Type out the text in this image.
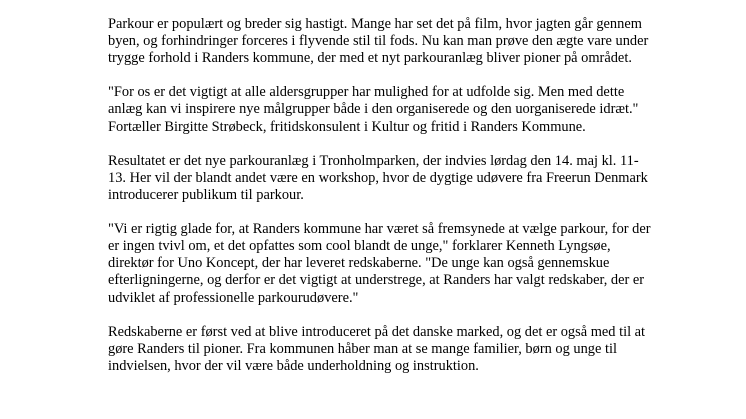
Parkour er populært og breder sig hastigt. Mange har set det på film, hvor jagten går gennem byen, og forhindringer forceres i flyvende stil til fods. Nu kan man prøve den ægte vare under trygge forhold i Randers kommune, der med et nyt parkouranlæg bliver pioner på området.

"For os er det vigtigt at alle aldersgrupper har mulighed for at udfolde sig. Men med dette anlæg kan vi inspirere nye målgrupper både i den organiserede og den uorganiserede idræt." Fortæller Birgitte Strøbeck, fritidskonsulent i Kultur og fritid i Randers Kommune.

Resultatet er det nye parkouranlæg i Tronholmparken, der indvies lørdag den 14. maj kl. 11-13. Her vil der blandt andet være en workshop, hvor de dygtige udøvere fra Freerun Denmark introducerer publikum til parkour.

"Vi er rigtig glade for, at Randers kommune har været så fremsynede at vælge parkour, for der er ingen tvivl om, et det opfattes som cool blandt de unge," forklarer Kenneth Lyngsøe, direktør for Uno Koncept, der har leveret redskaberne. "De unge kan også gennemskue efterligningerne, og derfor er det vigtigt at understrege, at Randers har valgt redskaber, der er udviklet af professionelle parkourudøvere."

Redskaberne er først ved at blive introduceret på det danske marked, og det er også med til at gøre Randers til pioner. Fra kommunen håber man at se mange familier, børn og unge til indvielsen, hvor der vil være både underholdning og instruktion.
